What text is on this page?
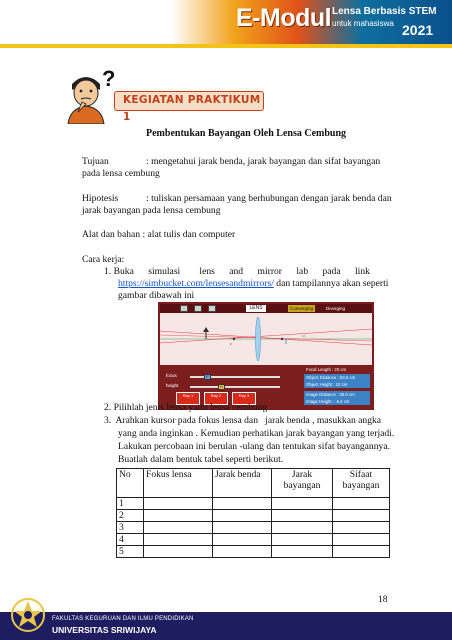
E-Modul Lensa Berbasis STEM
untuk mahasiswa 2021
?
KEGIATAN PRAKTIKUM 1
Pembentukan Bayangan Oleh Lensa Cembung
Tujuan	: mengetahui jarak benda, jarak bayangan dan sifat bayangan
pada lensa cembung
Hipotesis	: tuliskan persamaan yang berhubungan dengan jarak benda dan
jarak bayangan pada lensa cembung
Alat dan bahan : alat tulis dan computer
Cara kerja:
1. Buka      simulasi        lens      and      mirror      lab      pada      link
https://simbucket.com/lensesandmirrors/ dan tampilannya akan seperti
LENS	Converging	Diverging
F
2F
Focal Length : 20 cm
Object Distance : 53.5 cm
Object Height : 10 cm
Image Distance : 35.5 cm
Image Height : -6.4 cm
focus	F
height	H
Ray 1	Ray 2	Ray 3
2. Pilihlah jenis lensa yaitu lensa cembung
3.  Arahkan kursor pada fokus lensa dan   jarak benda , masukkan angka
yang anda inginkan . Kemudian perhatikan jarak bayangan yang terjadi.
Lakukan percobaan ini berulan -ulang dan tentukan sifat bayangannya.
No	Fokus lensa	Jarak benda	Jarak bayangan	Sifaat bayangan
1				
2				
3				
4				
5				
18
FAKULTAS KEGURUAN DAN ILMU PENDIDIKAN
UNIVERSITAS SRIWIJAYA
gambar dibawah ini
Buatlah dalam bentuk tabel seperti berikut.
